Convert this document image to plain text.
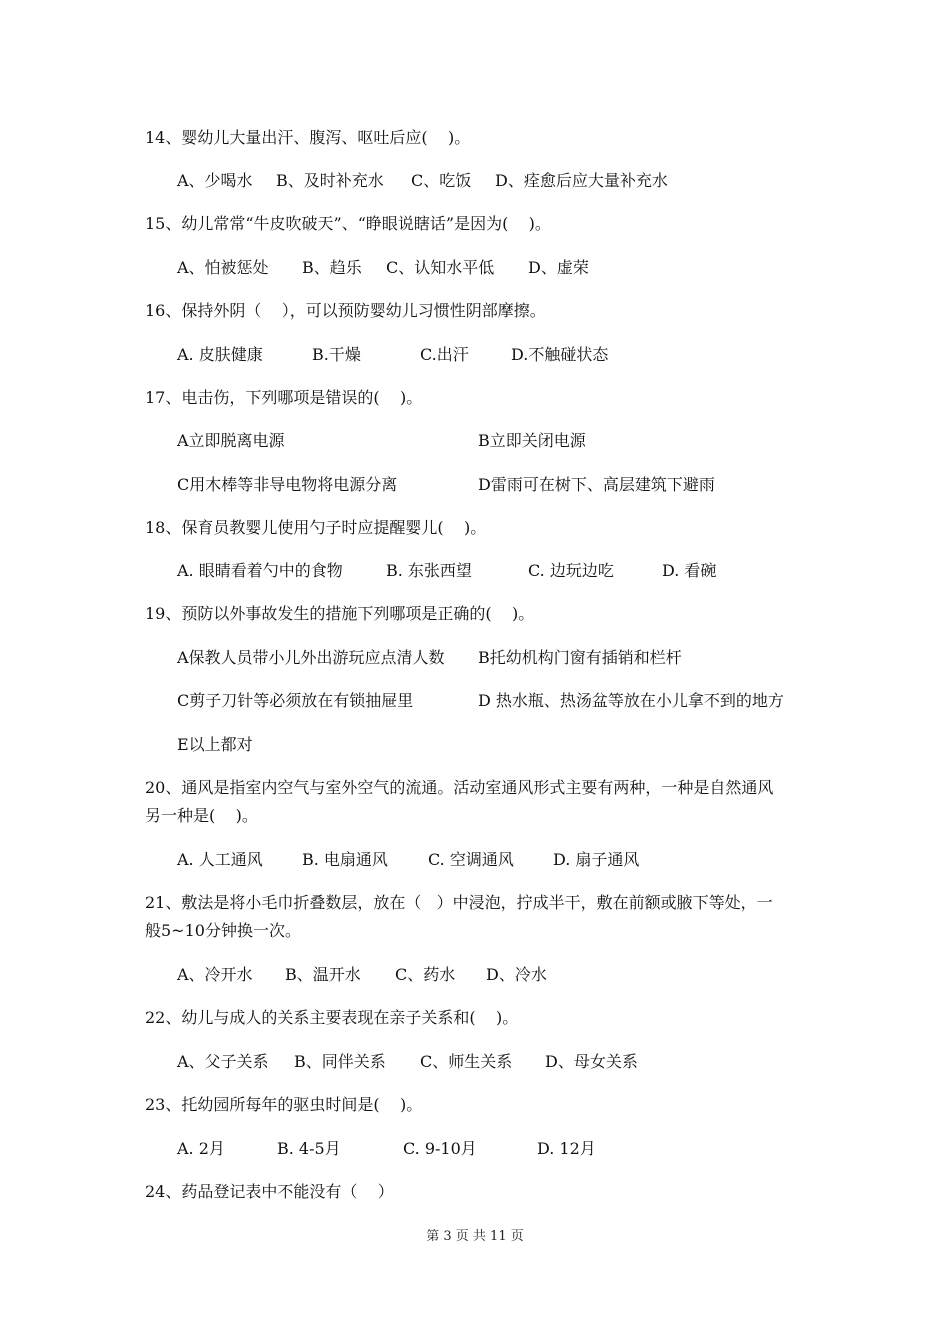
14、婴幼儿大量出汗、腹泻、呕吐后应(    )。
A、少喝水 B、及时补充水 C、吃饭 D、痊愈后应大量补充水
15、幼儿常常“牛皮吹破天”、“睁眼说瞎话”是因为(    )。
A、怕被惩处 B、趋乐 C、认知水平低 D、虚荣
16、保持外阴（    ），可以预防婴幼儿习惯性阴部摩擦。
A. 皮肤健康	B.干燥	C.出汗	D.不触碰状态
17、电击伤，下列哪项是错误的(    )。
A立即脱离电源	B立即关闭电源
C用木棒等非导电物将电源分离	D雷雨可在树下、高层建筑下避雨
18、保育员教婴儿使用勺子时应提醒婴儿(    )。
A. 眼睛看着勺中的食物	B. 东张西望	C. 边玩边吃	D. 看碗
19、预防以外事故发生的措施下列哪项是正确的(    )。
A保教人员带小儿外出游玩应点清人数 B托幼机构门窗有插销和栏杆
C剪子刀针等必须放在有锁抽屉里	D 热水瓶、热汤盆等放在小儿拿不到的地方
E以上都对
20、通风是指室内空气与室外空气的流通。活动室通风形式主要有两种，一种是自然通风
另一种是(    )。
A. 人工通风 B. 电扇通风	C. 空调通风 D. 扇子通风
21、敷法是将小毛巾折叠数层，放在（   ）中浸泡，拧成半干，敷在前额或腋下等处，一
般5~10分钟换一次。
A、冷开水 B、温开水 C、药水 D、冷水
22、幼儿与成人的关系主要表现在亲子关系和(    )。
A、父子关系 B、同伴关系 C、师生关系 D、母女关系
23、托幼园所每年的驱虫时间是(    )。
A. 2月	B. 4-5月	C. 9-10月	D. 12月
24、药品登记表中不能没有（    ）
第 3 页 共 11 页
